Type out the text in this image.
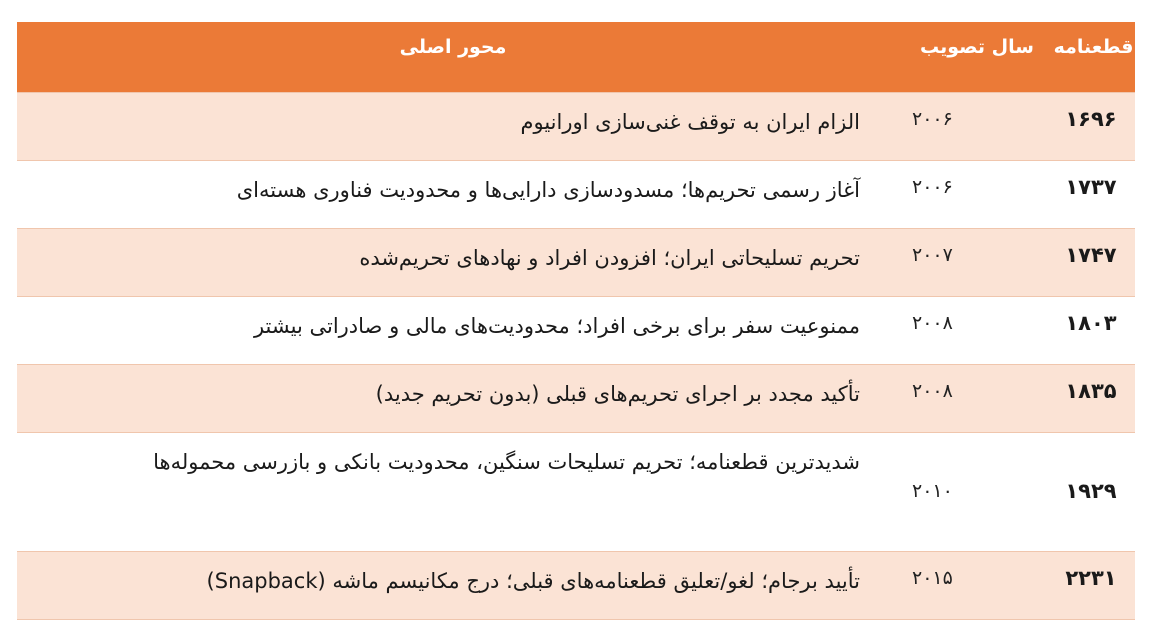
قطعنامه	سال تصویب	محور اصلی
۱۶۹۶	۲۰۰۶	الزام ایران به توقف غنی‌سازی اورانیوم
۱۷۳۷	۲۰۰۶	آغاز رسمی تحریم‌ها؛ مسدودسازی دارایی‌ها و محدودیت فناوری هسته‌ای
۱۷۴۷	۲۰۰۷	تحریم تسلیحاتی ایران؛ افزودن افراد و نهادهای تحریم‌شده
۱۸۰۳	۲۰۰۸	ممنوعیت سفر برای برخی افراد؛ محدودیت‌های مالی و صادراتی بیشتر
۱۸۳۵	۲۰۰۸	تأکید مجدد بر اجرای تحریم‌های قبلی (بدون تحریم جدید)
۱۹۲۹	۲۰۱۰	شدیدترین قطعنامه؛ تحریم تسلیحات سنگین، محدودیت بانکی و بازرسی محموله‌ها
۲۲۳۱	۲۰۱۵	تأیید برجام؛ لغو/تعلیق قطعنامه‌های قبلی؛ درج مکانیسم ماشه (Snapback)
